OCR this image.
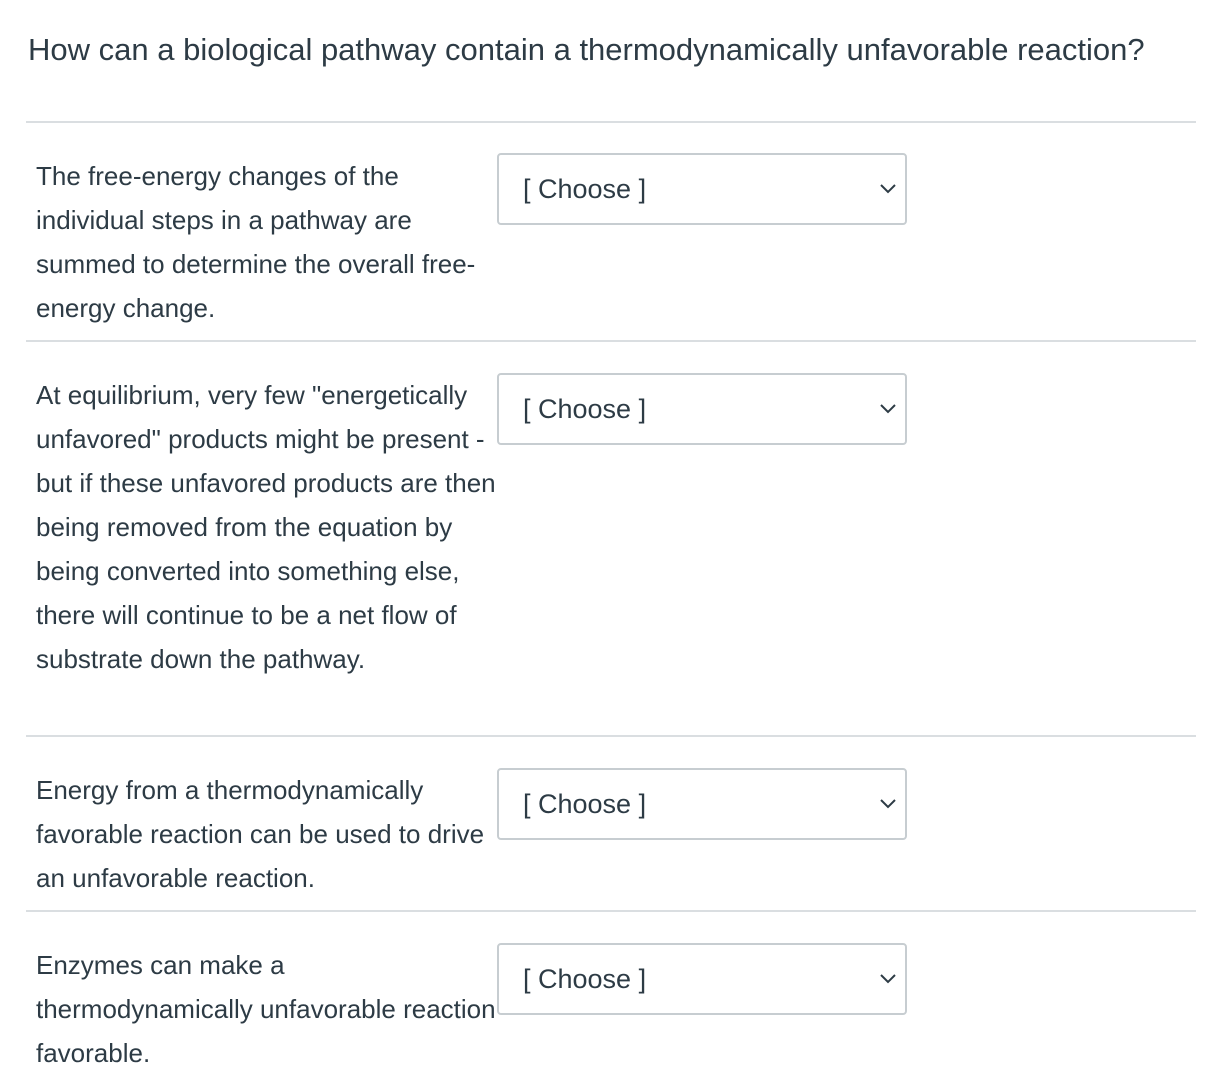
How can a biological pathway contain a thermodynamically unfavorable reaction?
The free-energy changes of the individual steps in a pathway are summed to determine the overall free-energy change.
[ Choose ]
At equilibrium, very few "energetically unfavored" products might be present - but if these unfavored products are then being removed from the equation by being converted into something else, there will continue to be a net flow of substrate down the pathway.
[ Choose ]
Energy from a thermodynamically favorable reaction can be used to drive an unfavorable reaction.
[ Choose ]
Enzymes can make a thermodynamically unfavorable reaction favorable.
[ Choose ]
